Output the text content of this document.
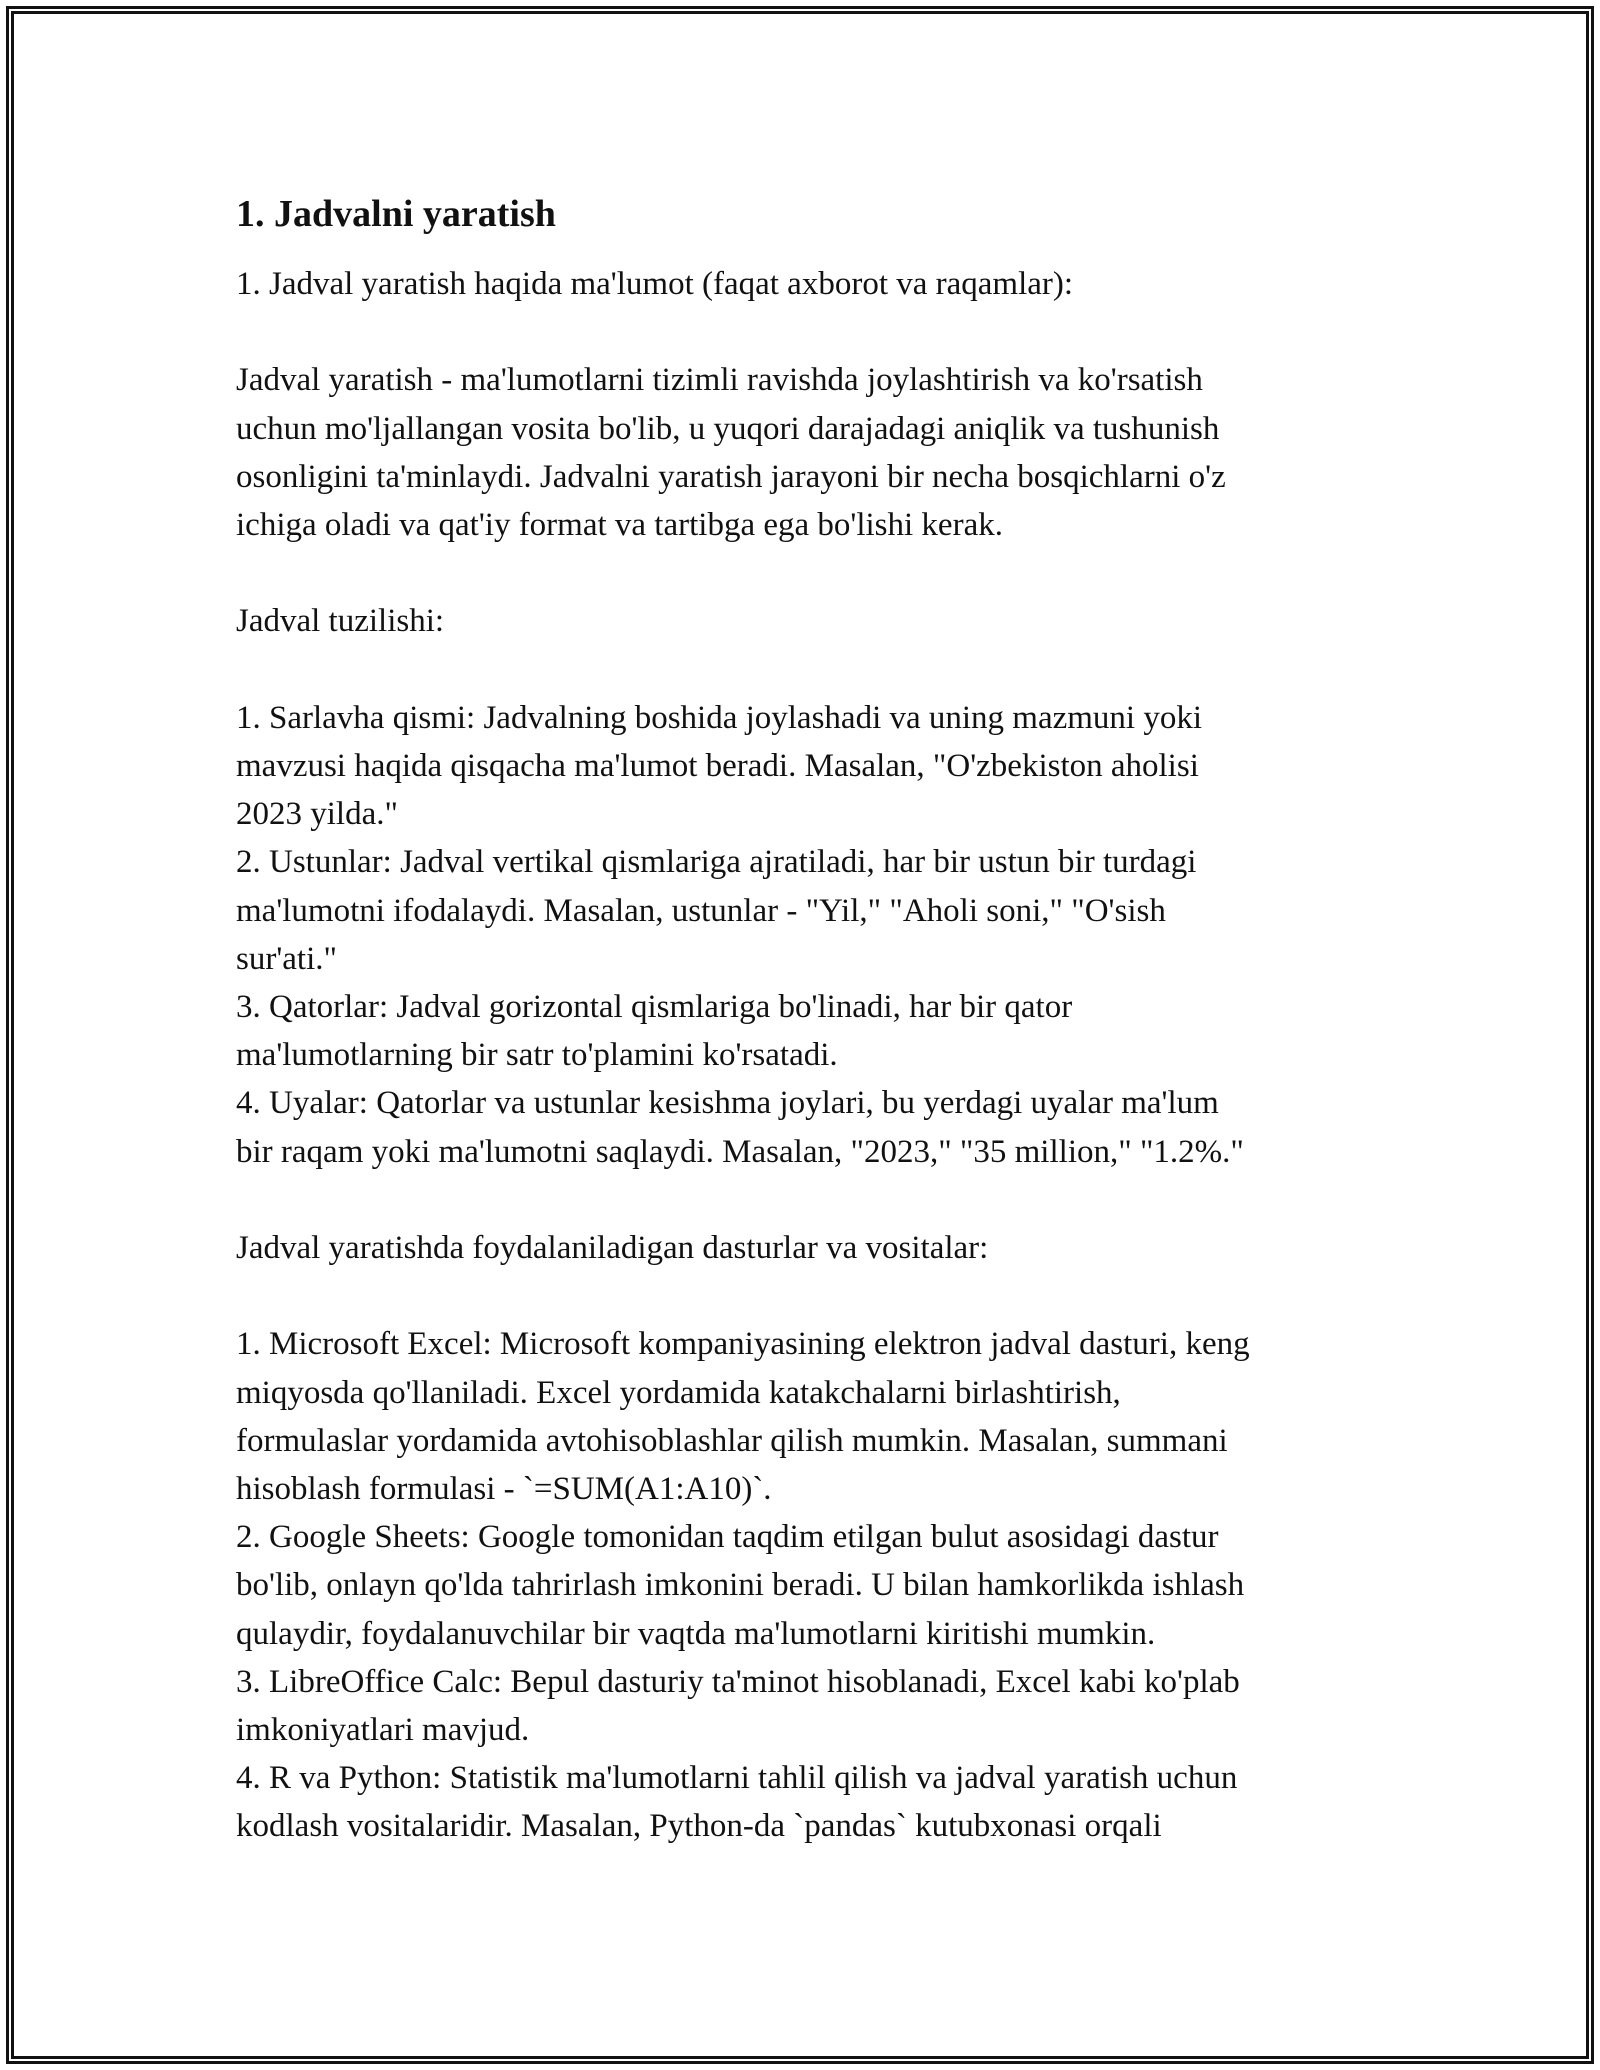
1. Jadvalni yaratish

1. Jadval yaratish haqida ma'lumot (faqat axborot va raqamlar):

Jadval yaratish - ma'lumotlarni tizimli ravishda joylashtirish va ko'rsatish
uchun mo'ljallangan vosita bo'lib, u yuqori darajadagi aniqlik va tushunish
osonligini ta'minlaydi. Jadvalni yaratish jarayoni bir necha bosqichlarni o'z
ichiga oladi va qat'iy format va tartibga ega bo'lishi kerak.

Jadval tuzilishi:

1. Sarlavha qismi: Jadvalning boshida joylashadi va uning mazmuni yoki
mavzusi haqida qisqacha ma'lumot beradi. Masalan, "O'zbekiston aholisi
2023 yilda."

2. Ustunlar: Jadval vertikal qismlariga ajratiladi, har bir ustun bir turdagi
ma'lumotni ifodalaydi. Masalan, ustunlar - "Yil," "Aholi soni," "O'sish
sur'ati."

3. Qatorlar: Jadval gorizontal qismlariga bo'linadi, har bir qator
ma'lumotlarning bir satr to'plamini ko'rsatadi.

4. Uyalar: Qatorlar va ustunlar kesishma joylari, bu yerdagi uyalar ma'lum
bir raqam yoki ma'lumotni saqlaydi. Masalan, "2023," "35 million," "1.2%."

Jadval yaratishda foydalaniladigan dasturlar va vositalar:

1. Microsoft Excel: Microsoft kompaniyasining elektron jadval dasturi, keng
miqyosda qo'llaniladi. Excel yordamida katakchalarni birlashtirish,
formulaslar yordamida avtohisoblashlar qilish mumkin. Masalan, summani
hisoblash formulasi - `=SUM(A1:A10)`.

2. Google Sheets: Google tomonidan taqdim etilgan bulut asosidagi dastur
bo'lib, onlayn qo'lda tahrirlash imkonini beradi. U bilan hamkorlikda ishlash
qulaydir, foydalanuvchilar bir vaqtda ma'lumotlarni kiritishi mumkin.

3. LibreOffice Calc: Bepul dasturiy ta'minot hisoblanadi, Excel kabi ko'plab
imkoniyatlari mavjud.

4. R va Python: Statistik ma'lumotlarni tahlil qilish va jadval yaratish uchun
kodlash vositalaridir. Masalan, Python-da `pandas` kutubxonasi orqali
